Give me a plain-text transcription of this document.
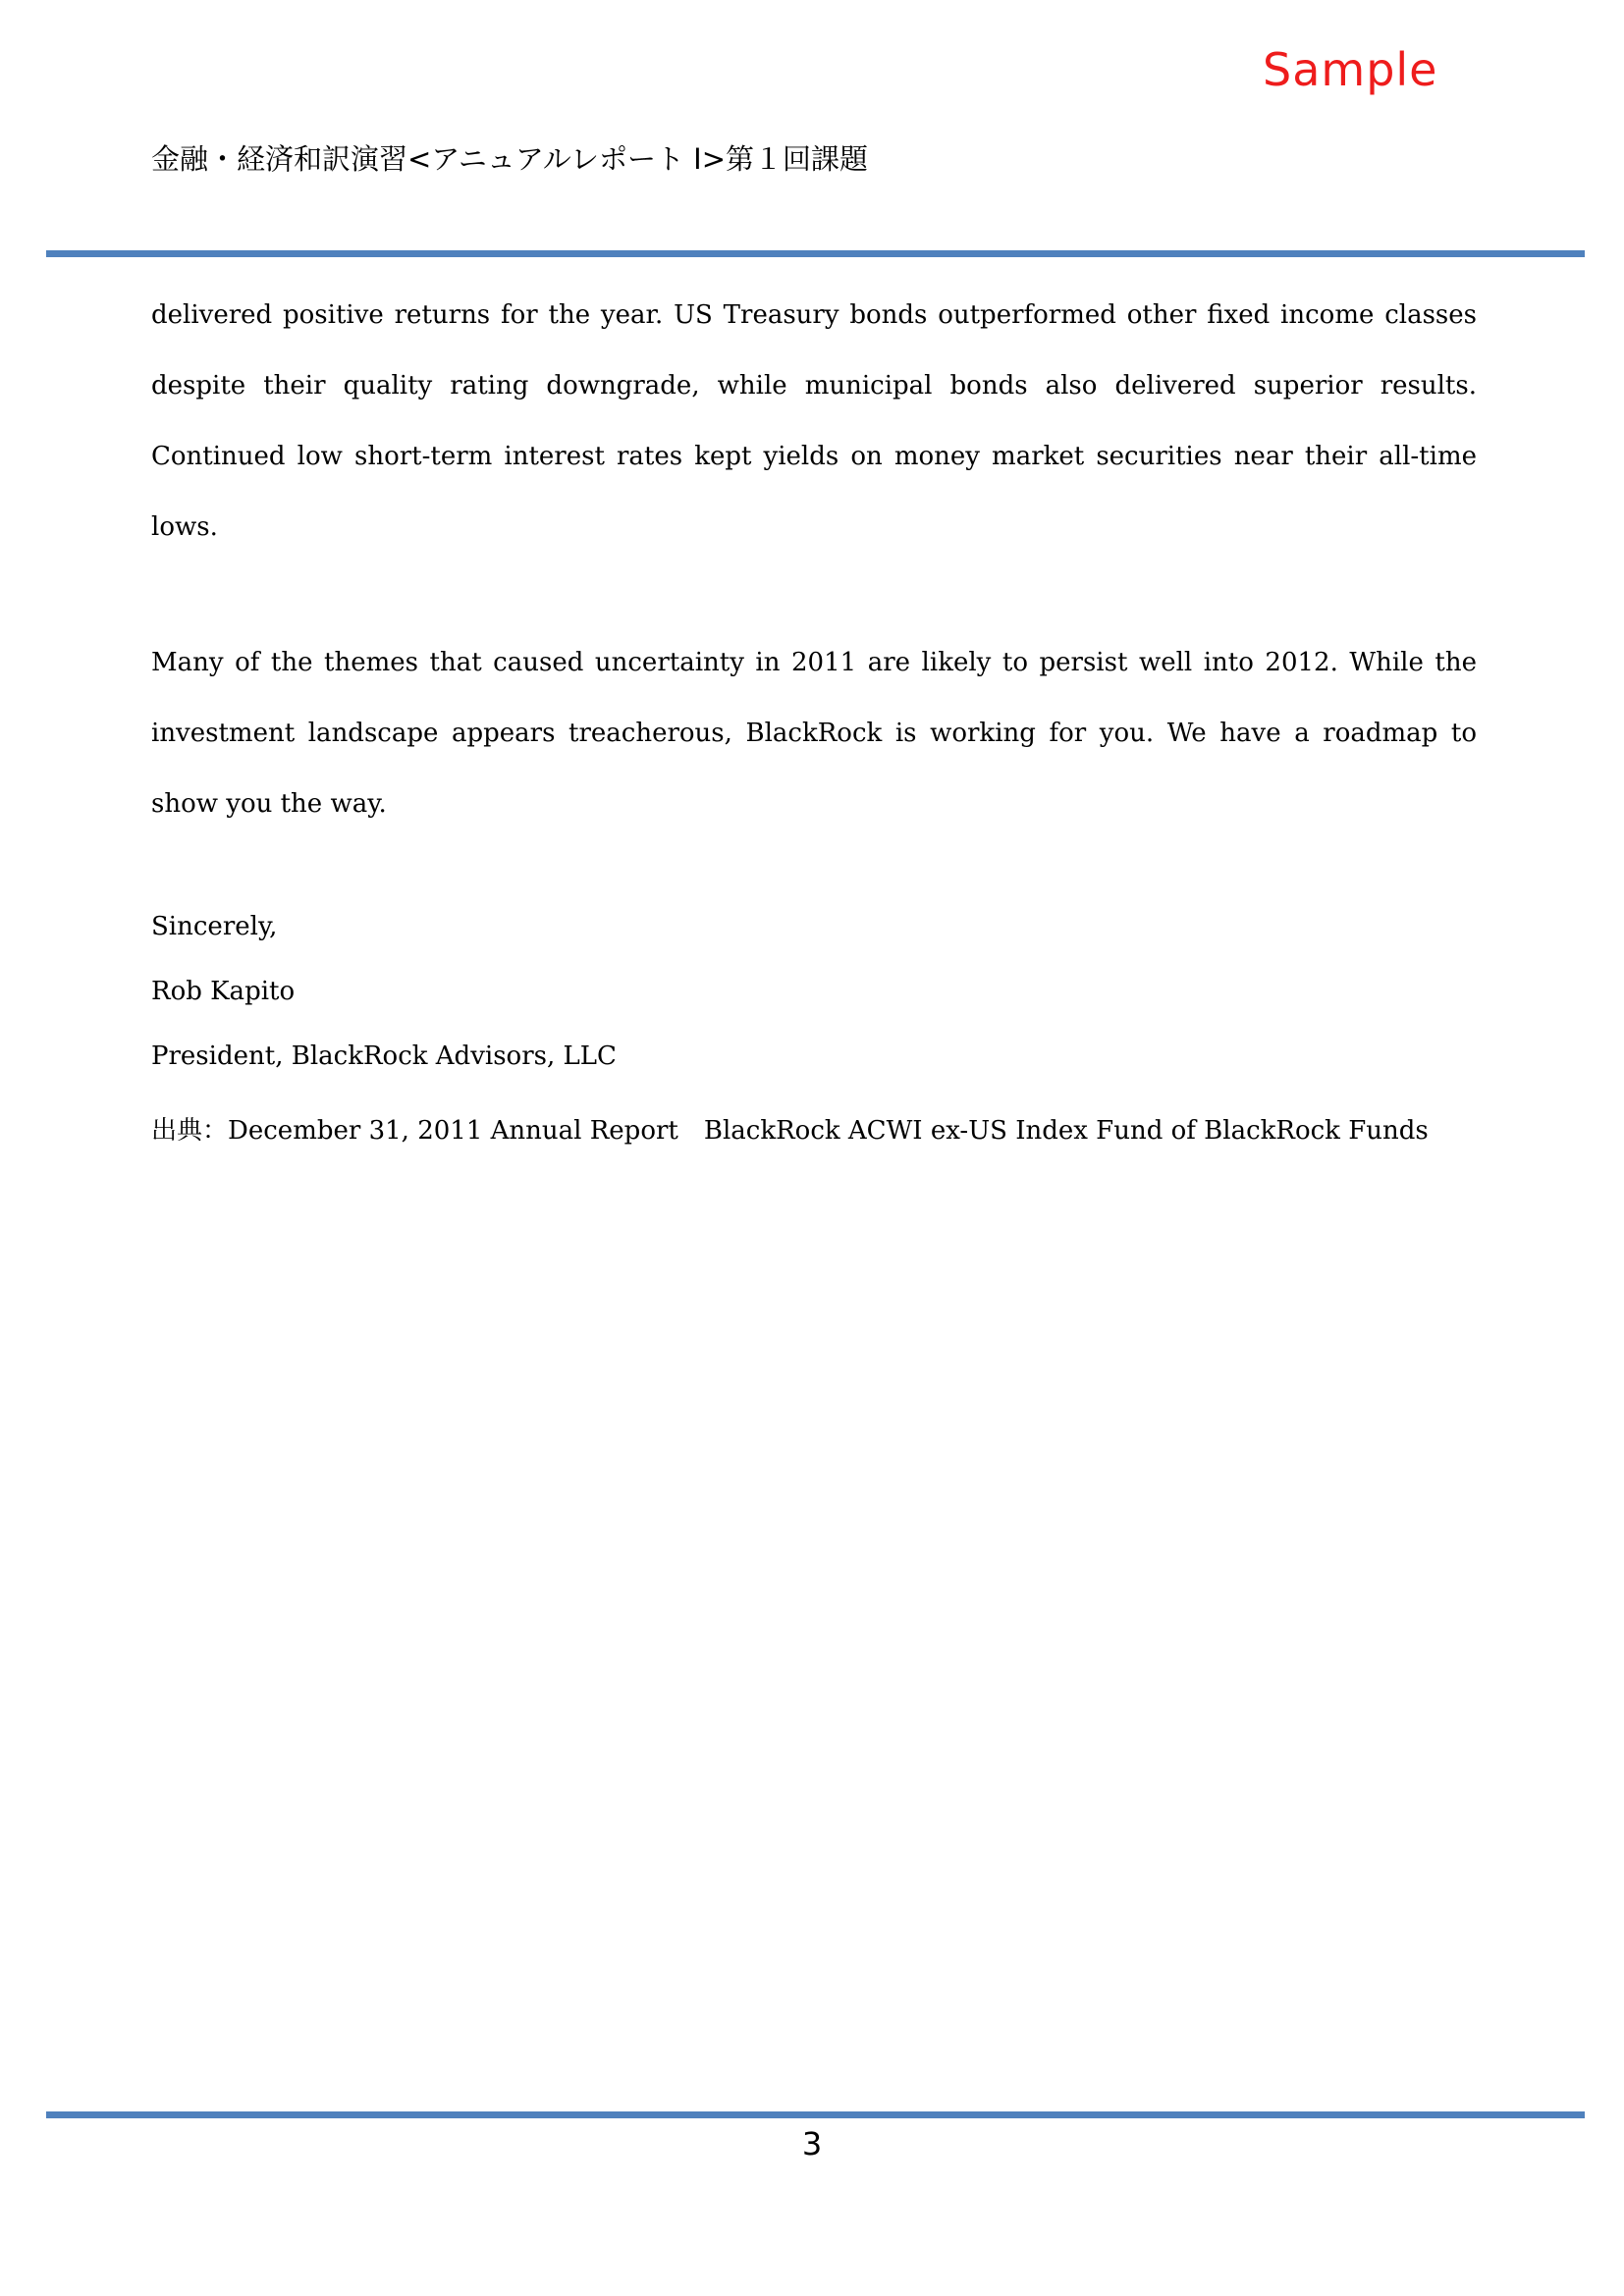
Sample
金融・経済和訳演習<アニュアルレポート I>第１回課題

delivered positive returns for the year. US Treasury bonds outperformed other fixed income classes despite their quality rating downgrade, while municipal bonds also delivered superior results. Continued low short-term interest rates kept yields on money market securities near their all-time lows.

Many of the themes that caused uncertainty in 2011 are likely to persist well into 2012. While the investment landscape appears treacherous, BlackRock is working for you. We have a roadmap to show you the way.

Sincerely,

Rob Kapito

President, BlackRock Advisors, LLC

出典：December 31, 2011 Annual Report　BlackRock ACWI ex-US Index Fund of BlackRock Funds

3
